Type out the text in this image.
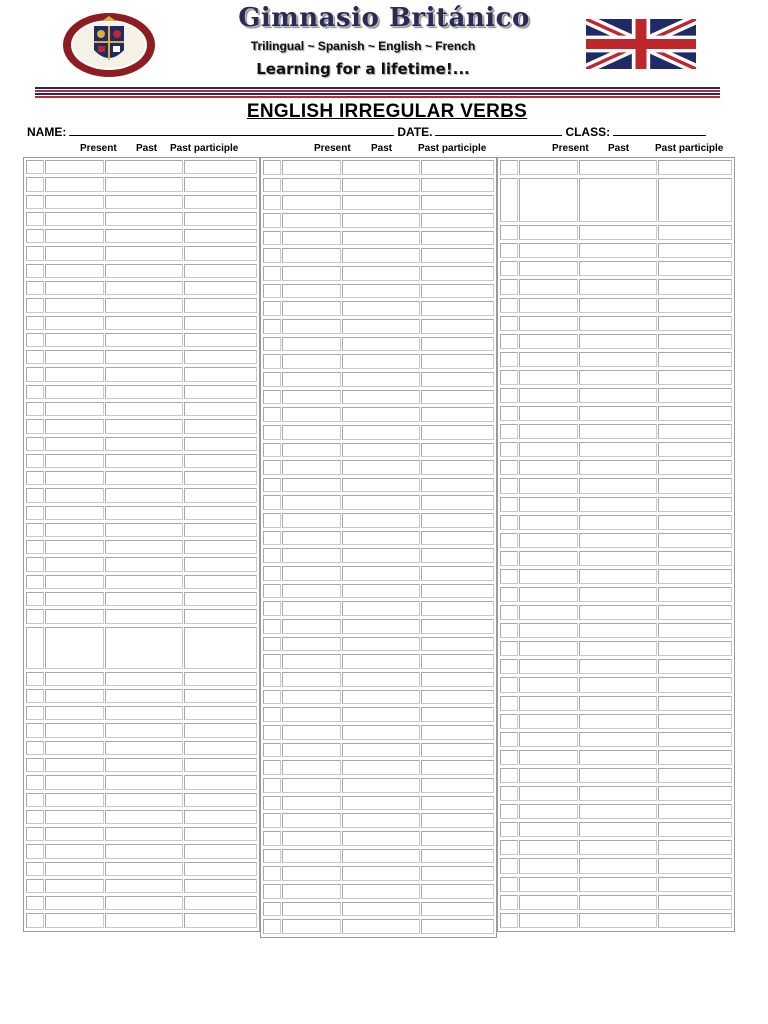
Gimnasio Británico
Trilingual ~ Spanish ~ English ~ French
Learning for a lifetime!...
ENGLISH IRREGULAR VERBS
NAME:	DATE.	CLASS:
Present Past Past participle	Present Past	Past participle	Present Past	Past participle
